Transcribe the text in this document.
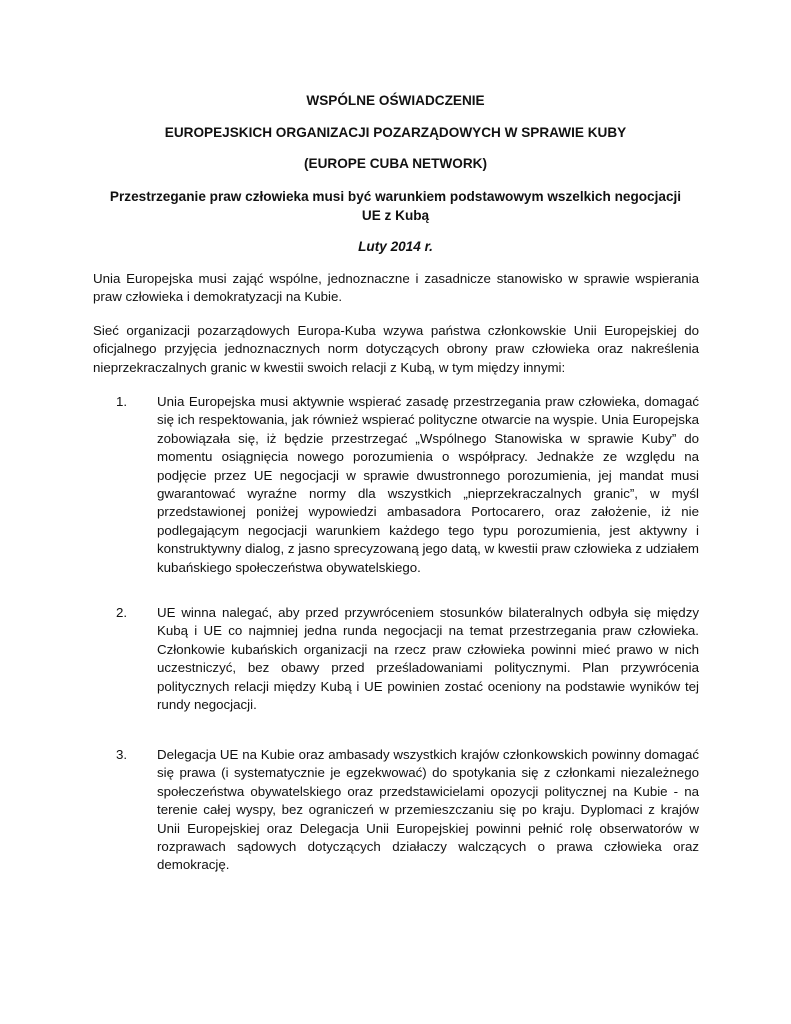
WSPÓLNE OŚWIADCZENIE

EUROPEJSKICH ORGANIZACJI POZARZĄDOWYCH W SPRAWIE KUBY

(EUROPE CUBA NETWORK)

Przestrzeganie praw człowieka musi być warunkiem podstawowym wszelkich negocjacji UE z Kubą

Luty 2014 r.

Unia Europejska musi zająć wspólne, jednoznaczne i zasadnicze stanowisko w sprawie wspierania praw człowieka i demokratyzacji na Kubie.

Sieć organizacji pozarządowych Europa-Kuba wzywa państwa członkowskie Unii Europejskiej do oficjalnego przyjęcia jednoznacznych norm dotyczących obrony praw człowieka oraz nakreślenia nieprzekraczalnych granic w kwestii swoich relacji z Kubą, w tym między innymi:

1.	Unia Europejska musi aktywnie wspierać zasadę przestrzegania praw człowieka, domagać się ich respektowania, jak również wspierać polityczne otwarcie na wyspie. Unia Europejska zobowiązała się, iż będzie przestrzegać „Wspólnego Stanowiska w sprawie Kuby” do momentu osiągnięcia nowego porozumienia o współpracy. Jednakże ze względu na podjęcie przez UE negocjacji w sprawie dwustronnego porozumienia, jej mandat musi gwarantować wyraźne normy dla wszystkich „nieprzekraczalnych granic”, w myśl przedstawionej poniżej wypowiedzi ambasadora Portocarero, oraz założenie, iż nie podlegającym negocjacji warunkiem każdego tego typu porozumienia, jest aktywny i konstruktywny dialog, z jasno sprecyzowaną jego datą, w kwestii praw człowieka z udziałem kubańskiego społeczeństwa obywatelskiego.

2.	UE winna nalegać, aby przed przywróceniem stosunków bilateralnych odbyła się między Kubą i UE co najmniej jedna runda negocjacji na temat przestrzegania praw człowieka. Członkowie kubańskich organizacji na rzecz praw człowieka powinni mieć prawo w nich uczestniczyć, bez obawy przed prześladowaniami politycznymi. Plan przywrócenia politycznych relacji między Kubą i UE powinien zostać oceniony na podstawie wyników tej rundy negocjacji.

3.	Delegacja UE na Kubie oraz ambasady wszystkich krajów członkowskich powinny domagać się prawa (i systematycznie je egzekwować) do spotykania się z członkami niezależnego społeczeństwa obywatelskiego oraz przedstawicielami opozycji politycznej na Kubie - na terenie całej wyspy, bez ograniczeń w przemieszczaniu się po kraju. Dyplomaci z krajów Unii Europejskiej oraz Delegacja Unii Europejskiej powinni pełnić rolę obserwatorów w rozprawach sądowych dotyczących działaczy walczących o prawa człowieka oraz demokrację.
